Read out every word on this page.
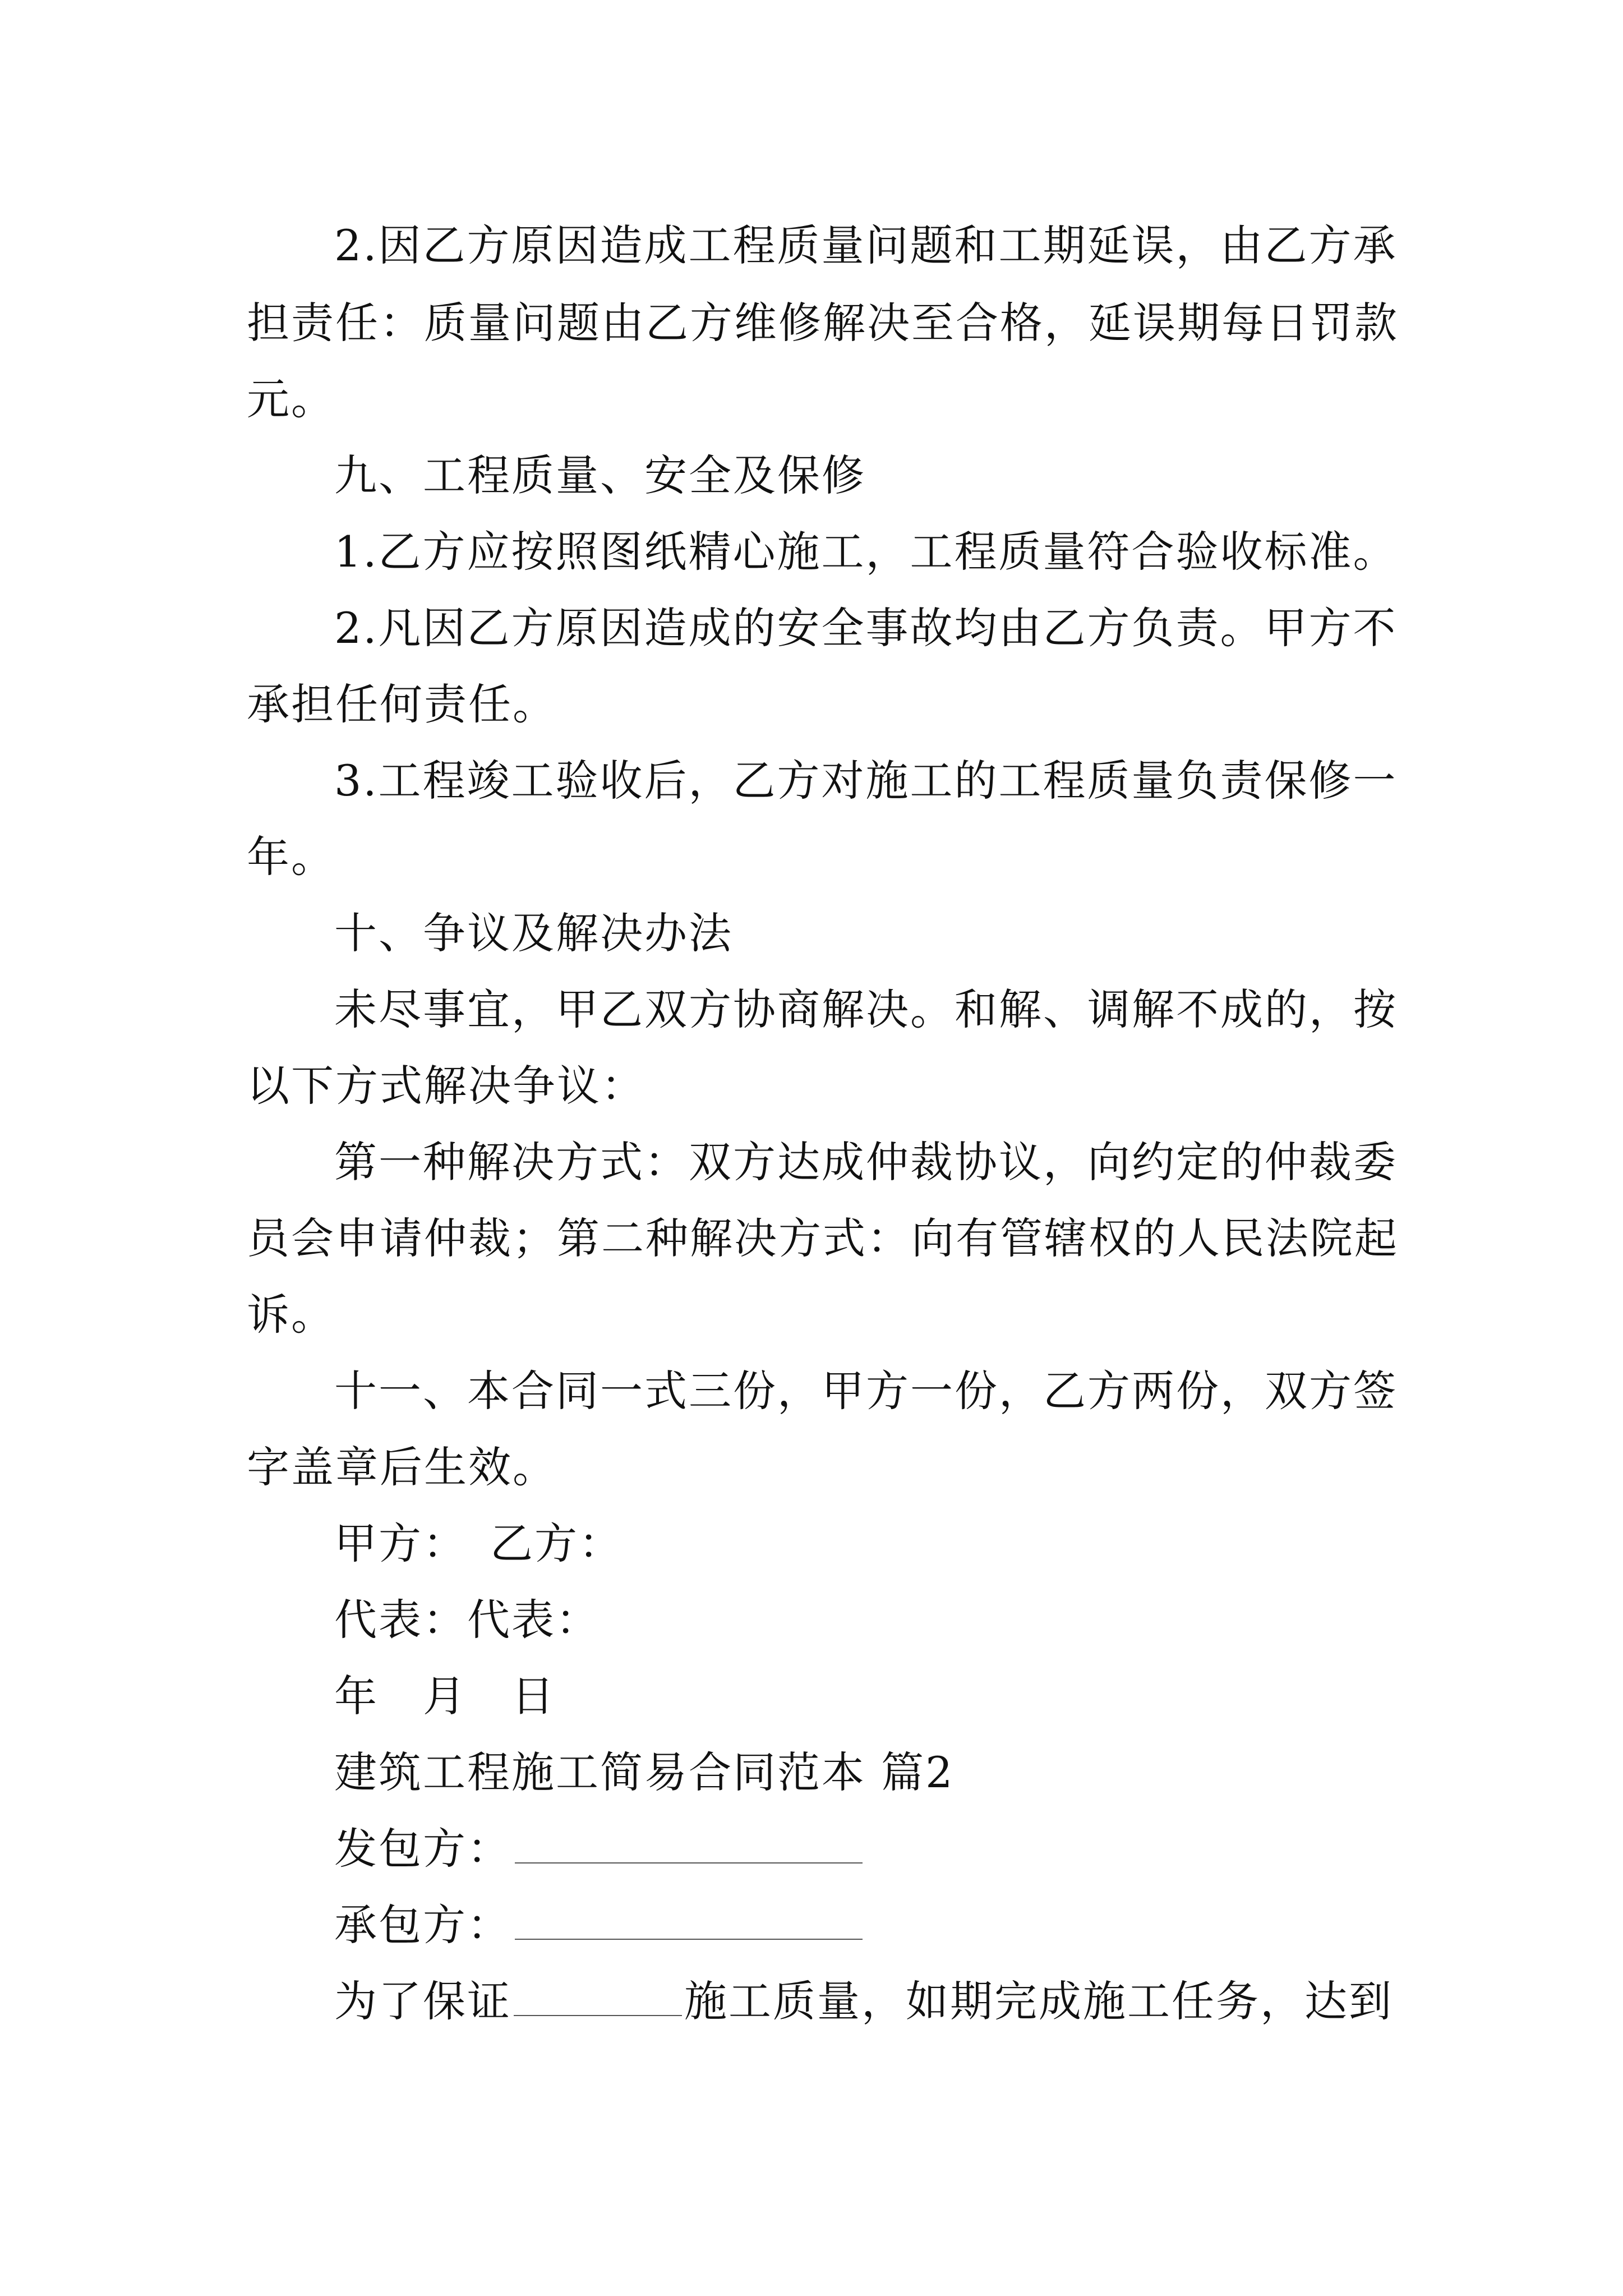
2.因乙方原因造成工程质量问题和工期延误，由乙方承
担责任：质量问题由乙方维修解决至合格，延误期每日罚款
元。
九、工程质量、安全及保修
1.乙方应按照图纸精心施工，工程质量符合验收标准。
2.凡因乙方原因造成的安全事故均由乙方负责。甲方不
承担任何责任。
3.工程竣工验收后，乙方对施工的工程质量负责保修一
年。
十、争议及解决办法
未尽事宜，甲乙双方协商解决。和解、调解不成的，按
以下方式解决争议：
第一种解决方式：双方达成仲裁协议，向约定的仲裁委
员会申请仲裁；第二种解决方式：向有管辖权的人民法院起
诉。
十一、本合同一式三份，甲方一份，乙方两份，双方签
字盖章后生效。
甲方：　乙方：
代表：代表：
年　月　日
建筑工程施工简易合同范本 篇2
发包方：
承包方：
为了保证	施工质量，如期完成施工任务，达到
